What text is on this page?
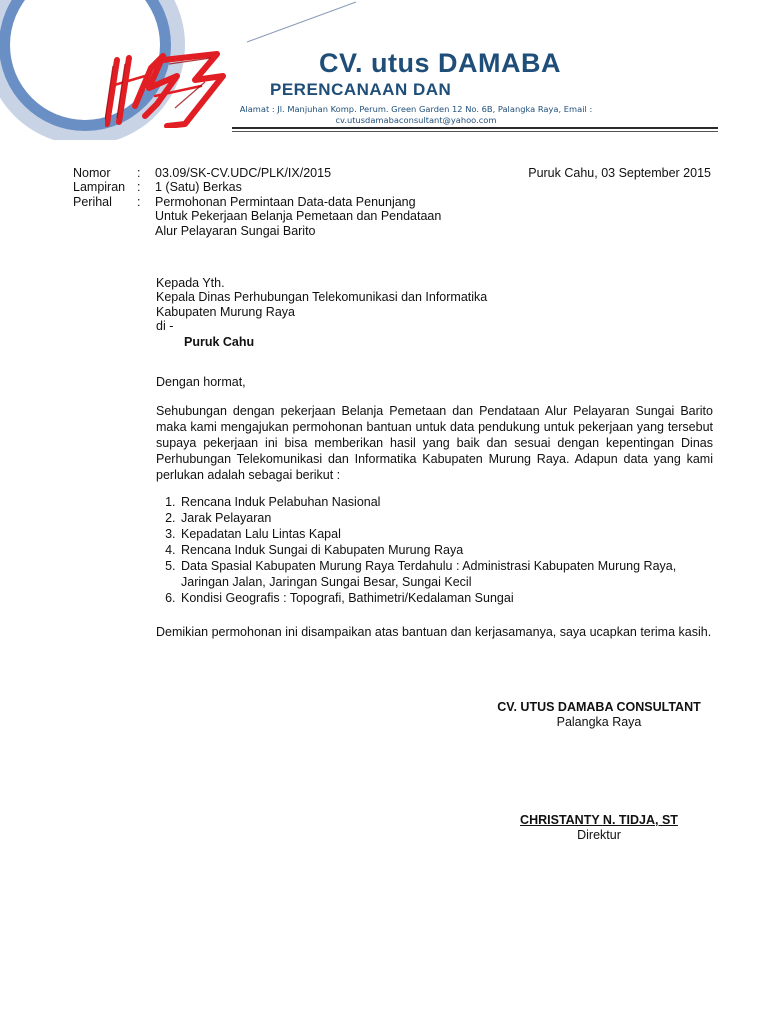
CV. utus DAMABA
PERENCANAAN DAN
Alamat : Jl. Manjuhan Komp. Perum. Green Garden 12 No. 6B, Palangka Raya, Email :
cv.utusdamabaconsultant@yahoo.com
Nomor	:	03.09/SK-CV.UDC/PLK/IX/2015
Lampiran :	1 (Satu) Berkas
Perihal	:	Permohonan Permintaan Data-data Penunjang
Untuk Pekerjaan Belanja Pemetaan dan Pendataan
Alur Pelayaran Sungai Barito
Puruk Cahu, 03 September 2015
Kepada Yth.
Kepala Dinas Perhubungan Telekomunikasi dan Informatika
Kabupaten Murung Raya
di -
Puruk Cahu
Dengan hormat,
Sehubungan dengan pekerjaan Belanja Pemetaan dan Pendataan Alur Pelayaran Sungai Barito maka kami mengajukan permohonan bantuan untuk data pendukung untuk pekerjaan yang tersebut supaya pekerjaan ini bisa memberikan hasil yang baik dan sesuai dengan kepentingan Dinas Perhubungan Telekomunikasi dan Informatika Kabupaten Murung Raya. Adapun data yang kami perlukan adalah sebagai berikut :
1. Rencana Induk Pelabuhan Nasional
2. Jarak Pelayaran
3. Kepadatan Lalu Lintas Kapal
4. Rencana Induk Sungai di Kabupaten Murung Raya
5. Data Spasial Kabupaten Murung Raya Terdahulu : Administrasi Kabupaten Murung Raya, Jaringan Jalan, Jaringan Sungai Besar, Sungai Kecil
6. Kondisi Geografis : Topografi, Bathimetri/Kedalaman Sungai
Demikian permohonan ini disampaikan atas bantuan dan kerjasamanya, saya ucapkan terima kasih.
CV. UTUS DAMABA CONSULTANT
Palangka Raya
CHRISTANTY N. TIDJA, ST
Direktur
